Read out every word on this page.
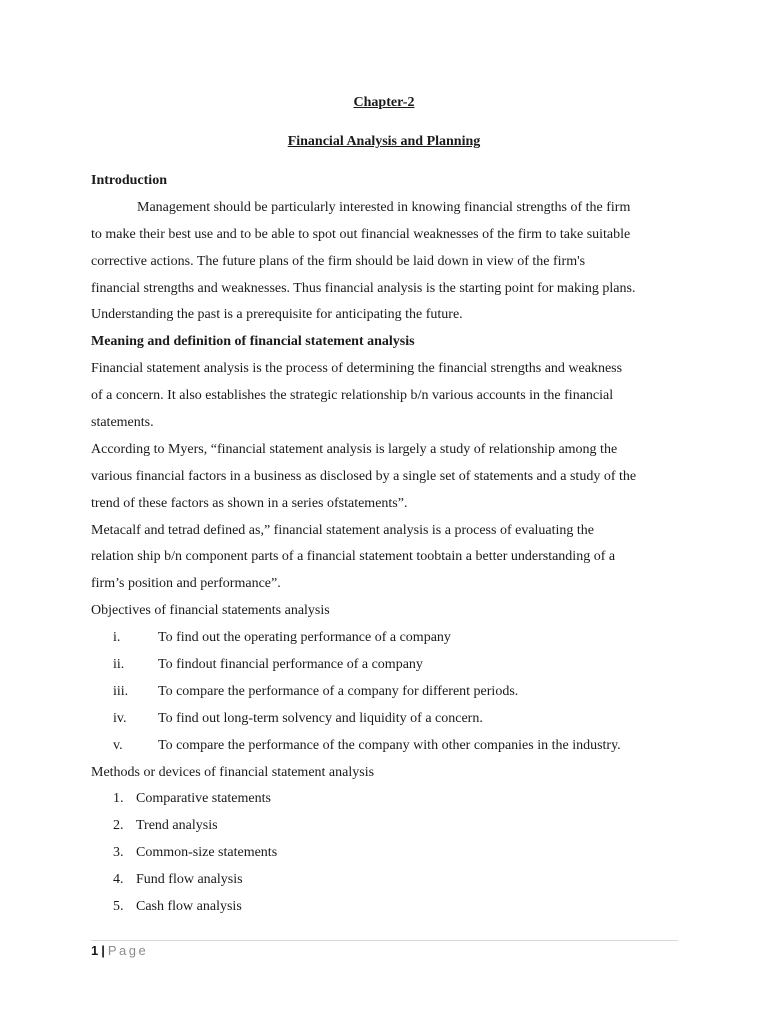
Chapter-2
Financial Analysis and Planning
Introduction
Management should be particularly interested in knowing financial strengths of the firm
to make their best use and to be able to spot out financial weaknesses of the firm to take suitable
corrective actions. The future plans of the firm should be laid down in view of the firm's
financial strengths and weaknesses. Thus financial analysis is the starting point for making plans.
Understanding the past is a prerequisite for anticipating the future.
Meaning and definition of financial statement analysis
Financial statement analysis is the process of determining the financial strengths and weakness
of a concern. It also establishes the strategic relationship b/n various accounts in the financial
statements.
According to Myers, “financial statement analysis is largely a study of relationship among the
various financial factors in a business as disclosed by a single set of statements and a study of the
trend of these factors as shown in a series ofstatements”.
Metacalf and tetrad defined as,” financial statement analysis is a process of evaluating the
relation ship b/n component parts of a financial statement toobtain a better understanding of a
firm’s position and performance”.
Objectives of financial statements analysis
i.	To find out the operating performance of a company
ii.	To findout financial performance of a company
iii.	To compare the performance of a company for different periods.
iv.	To find out long-term solvency and liquidity of a concern.
v.	To compare the performance of the company with other companies in the industry.
Methods or devices of financial statement analysis
1. Comparative statements
2. Trend analysis
3. Common-size statements
4. Fund flow analysis
5. Cash flow analysis
1 | Page
